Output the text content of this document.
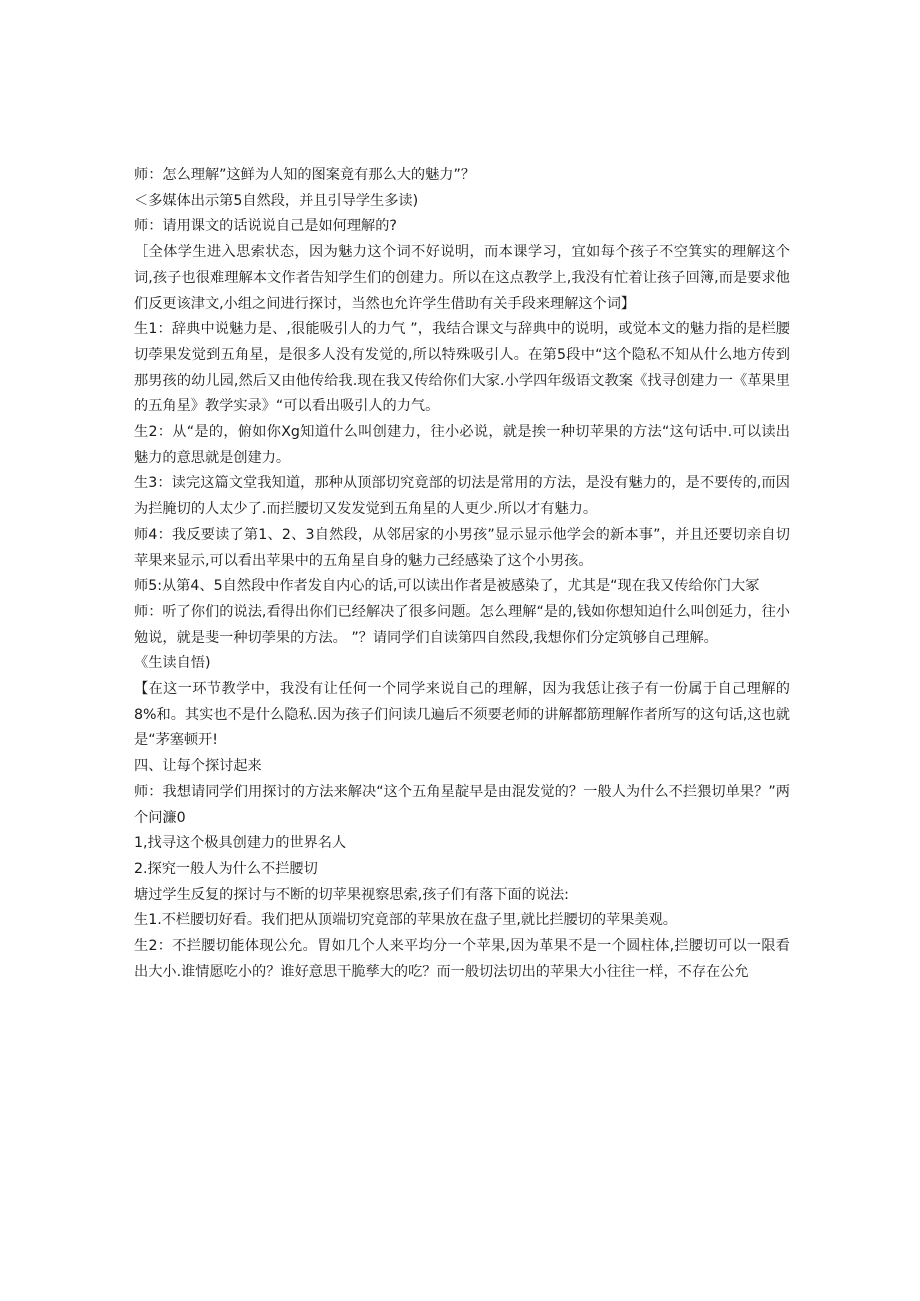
师：怎么理解”这鲜为人知的图案竟有那么大的魅力”？

＜多媒体出示第5自然段，并且引导学生多读)

师：请用课文的话说说自己是如何理解的?

［全体学生进入思索状态，因为魅力这个词不好说明，而本课学习，宜如每个孩子不空箕实的理解这个词,孩子也很难理解本文作者告知学生们的创建力。所以在这点教学上,我没有忙着让孩子回簿,而是要求他们反更该津文,小组之间进行探讨，当然也允许学生借助有关手段来理解这个词】

生1：辞典中说魅力是、,很能吸引人的力气 ”，我结合课文与辞典中的说明，或觉本文的魅力指的是栏腰切荸果发觉到五角星，是很多人没有发觉的,所以特殊吸引人。在第5段中“这个隐私不知从什么地方传到那男孩的幼儿园,然后又由他传给我.现在我又传给你们大家.小学四年级语文教案《找寻创建力一《革果里的五角星》教学实录》“可以看出吸引人的力气。

生2：从“是的，俯如你Xg知道什么叫创建力，往小必说，就是挨一种切苹果的方法“这句话中.可以读出魅力的意思就是创建力。

生3：读完这篇文堂我知道，那种从顶部切究竟部的切法是常用的方法，是没有魅力的，是不要传的,而因为拦腌切的人太少了.而拦腰切又发发觉到五角星的人更少.所以才有魅力。

师4：我反要读了第1、2、3自然段，从邻居家的小男孩”显示显示他学会的新本事”，并且还要切亲自切苹果来显示,可以看出苹果中的五角星自身的魅力己经感染了这个小男孩。

师5:从第4、5自然段中作者发自内心的话,可以读出作者是被感染了，尤其是“现在我又传给你门大冢

师：听了你们的说法,看得出你们已经解决了很多问题。怎么理解“是的,钱如你想知迫什么叫创延力，往小勉说，就是斐一种切荸果的方法。 ”？请同学们自读第四自然段,我想你们分定筑够自己理解。

《生读自悟)

【在这一环节教学中，我没有让任何一个同学来说自己的理解，因为我恁让孩子有一份属于自己理解的8%和。其实也不是什么隐私.因为孩子们问读几遍后不须要老师的讲解都筋理解作者所写的这句话,这也就是“茅塞顿开!

四、让每个探讨起来

师：我想请同学们用探讨的方法来解决“这个五角星靛早是由混发觉的？一般人为什么不拦猥切单果？”两个问濂0

1,找寻这个极具创建力的世界名人

2.探究一般人为什么不拦腰切

塘过学生反复的探讨与不断的切苹果视察思索,孩子们有落下面的说法:

生1.不栏腰切好看。我们把从顶端切究竟部的苹果放在盘子里,就比拦腰切的苹果美观。

生2：不拦腰切能体现公允。胃如几个人来平均分一个苹果,因为革果不是一个圆柱体,拦腰切可以一限看出大小.谁情愿吃小的？谁好意思干脆孳大的吃？而一般切法切出的苹果大小往往一样，不存在公允
